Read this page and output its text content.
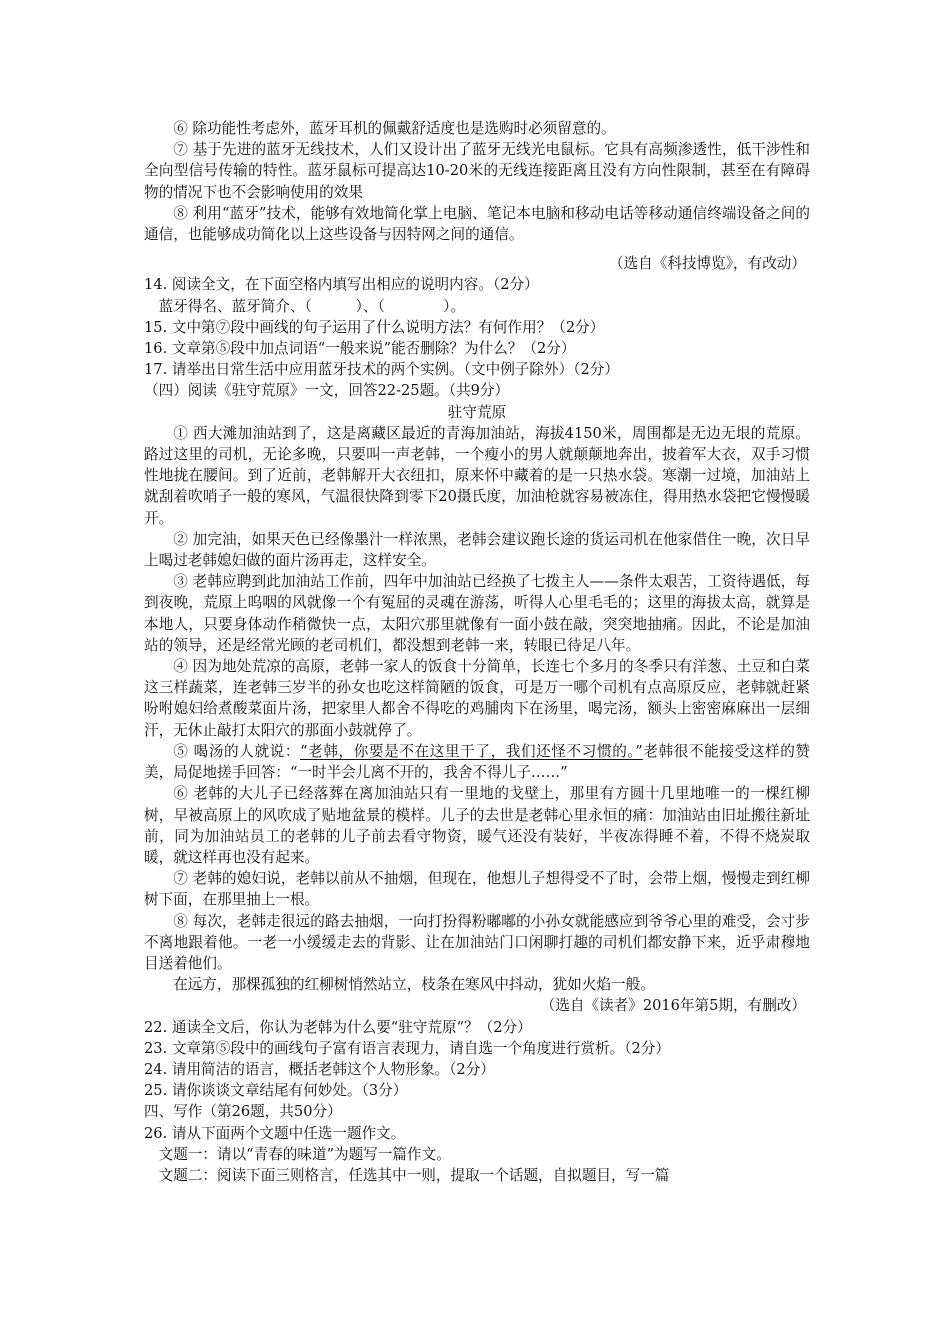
⑥ 除功能性考虑外，蓝牙耳机的佩戴舒适度也是选购时必须留意的。

⑦ 基于先进的蓝牙无线技术，人们又设计出了蓝牙无线光电鼠标。它具有高频渗透性，低干涉性和全向型信号传输的特性。蓝牙鼠标可提高达10-20米的无线连接距离且没有方向性限制，甚至在有障碍物的情况下也不会影响使用的效果

⑧ 利用“蓝牙”技术，能够有效地简化掌上电脑、笔记本电脑和移动电话等移动通信终端设备之间的通信，也能够成功简化以上这些设备与因特网之间的通信。

（选自《科技博览》，有改动）

14. 阅读全文，在下面空格内填写出相应的说明内容。（2分）

蓝牙得名、蓝牙简介、（　　　）、（　　　　）。

15. 文中第⑦段中画线的句子运用了什么说明方法？有何作用？（2分）

16. 文章第⑤段中加点词语“一般来说”能否删除？为什么？（2分）

17. 请举出日常生活中应用蓝牙技术的两个实例。（文中例子除外）（2分）

（四）阅读《驻守荒原》一文，回答22-25题。（共9分）

驻守荒原

① 西大滩加油站到了，这是离藏区最近的青海加油站，海拔4150米，周围都是无边无垠的荒原。路过这里的司机，无论多晚，只要叫一声老韩，一个瘦小的男人就颠颠地奔出，披着军大衣，双手习惯性地拢在腰间。到了近前，老韩解开大衣纽扣，原来怀中藏着的是一只热水袋。寒潮一过境，加油站上就刮着吹哨子一般的寒风，气温很快降到零下20摄氏度，加油枪就容易被冻住，得用热水袋把它慢慢暖开。

② 加完油，如果天色已经像墨汁一样浓黑，老韩会建议跑长途的货运司机在他家借住一晚，次日早上喝过老韩媳妇做的面片汤再走，这样安全。

③ 老韩应聘到此加油站工作前，四年中加油站已经换了七拨主人——条件太艰苦，工资待遇低，每到夜晚，荒原上呜咽的风就像一个有冤屈的灵魂在游荡，听得人心里毛毛的；这里的海拔太高，就算是本地人，只要身体动作稍微快一点，太阳穴那里就像有一面小鼓在敲，突突地抽痛。因此，不论是加油站的领导，还是经常光顾的老司机们，都没想到老韩一来，转眼已待足八年。

④ 因为地处荒凉的高原，老韩一家人的饭食十分简单，长连七个多月的冬季只有洋葱、土豆和白菜这三样蔬菜，连老韩三岁半的孙女也吃这样简陋的饭食，可是万一哪个司机有点高原反应，老韩就赶紧吩咐媳妇给煮酸菜面片汤，把家里人都舍不得吃的鸡脯肉下在汤里，喝完汤，额头上密密麻麻出一层细汗，无休止敲打太阳穴的那面小鼓就停了。

⑤ 喝汤的人就说：“老韩，你要是不在这里干了，我们还怪不习惯的。”老韩很不能接受这样的赞美，局促地搓手回答：“一时半会儿离不开的，我舍不得儿子……”

⑥ 老韩的大儿子已经落葬在离加油站只有一里地的戈壁上，那里有方圆十几里地唯一的一棵红柳树，早被高原上的风吹成了贴地盆景的模样。儿子的去世是老韩心里永恒的痛：加油站由旧址搬往新址前，同为加油站员工的老韩的儿子前去看守物资，暖气还没有装好，半夜冻得睡不着，不得不烧炭取暖，就这样再也没有起来。

⑦ 老韩的媳妇说，老韩以前从不抽烟，但现在，他想儿子想得受不了时，会带上烟，慢慢走到红柳树下面，在那里抽上一根。

⑧ 每次，老韩走很远的路去抽烟，一向打扮得粉嘟嘟的小孙女就能感应到爷爷心里的难受，会寸步不离地跟着他。一老一小缓缓走去的背影、让在加油站门口闲聊打趣的司机们都安静下来，近乎肃穆地目送着他们。

在远方，那棵孤独的红柳树悄然站立，枝条在寒风中抖动，犹如火焰一般。

（选自《读者》2016年第5期，有删改）

22. 通读全文后，你认为老韩为什么要“驻守荒原“？（2分）

23. 文章第⑤段中的画线句子富有语言表现力，请自选一个角度进行赏析。（2分）

24. 请用简洁的语言，概括老韩这个人物形象。（2分）

25. 请你谈谈文章结尾有何妙处。（3分）

四、写作（第26题，共50分）

26. 请从下面两个文题中任选一题作文。

文题一：请以“青春的味道”为题写一篇作文。

文题二：阅读下面三则格言，任选其中一则，提取一个话题，自拟题目，写一篇
